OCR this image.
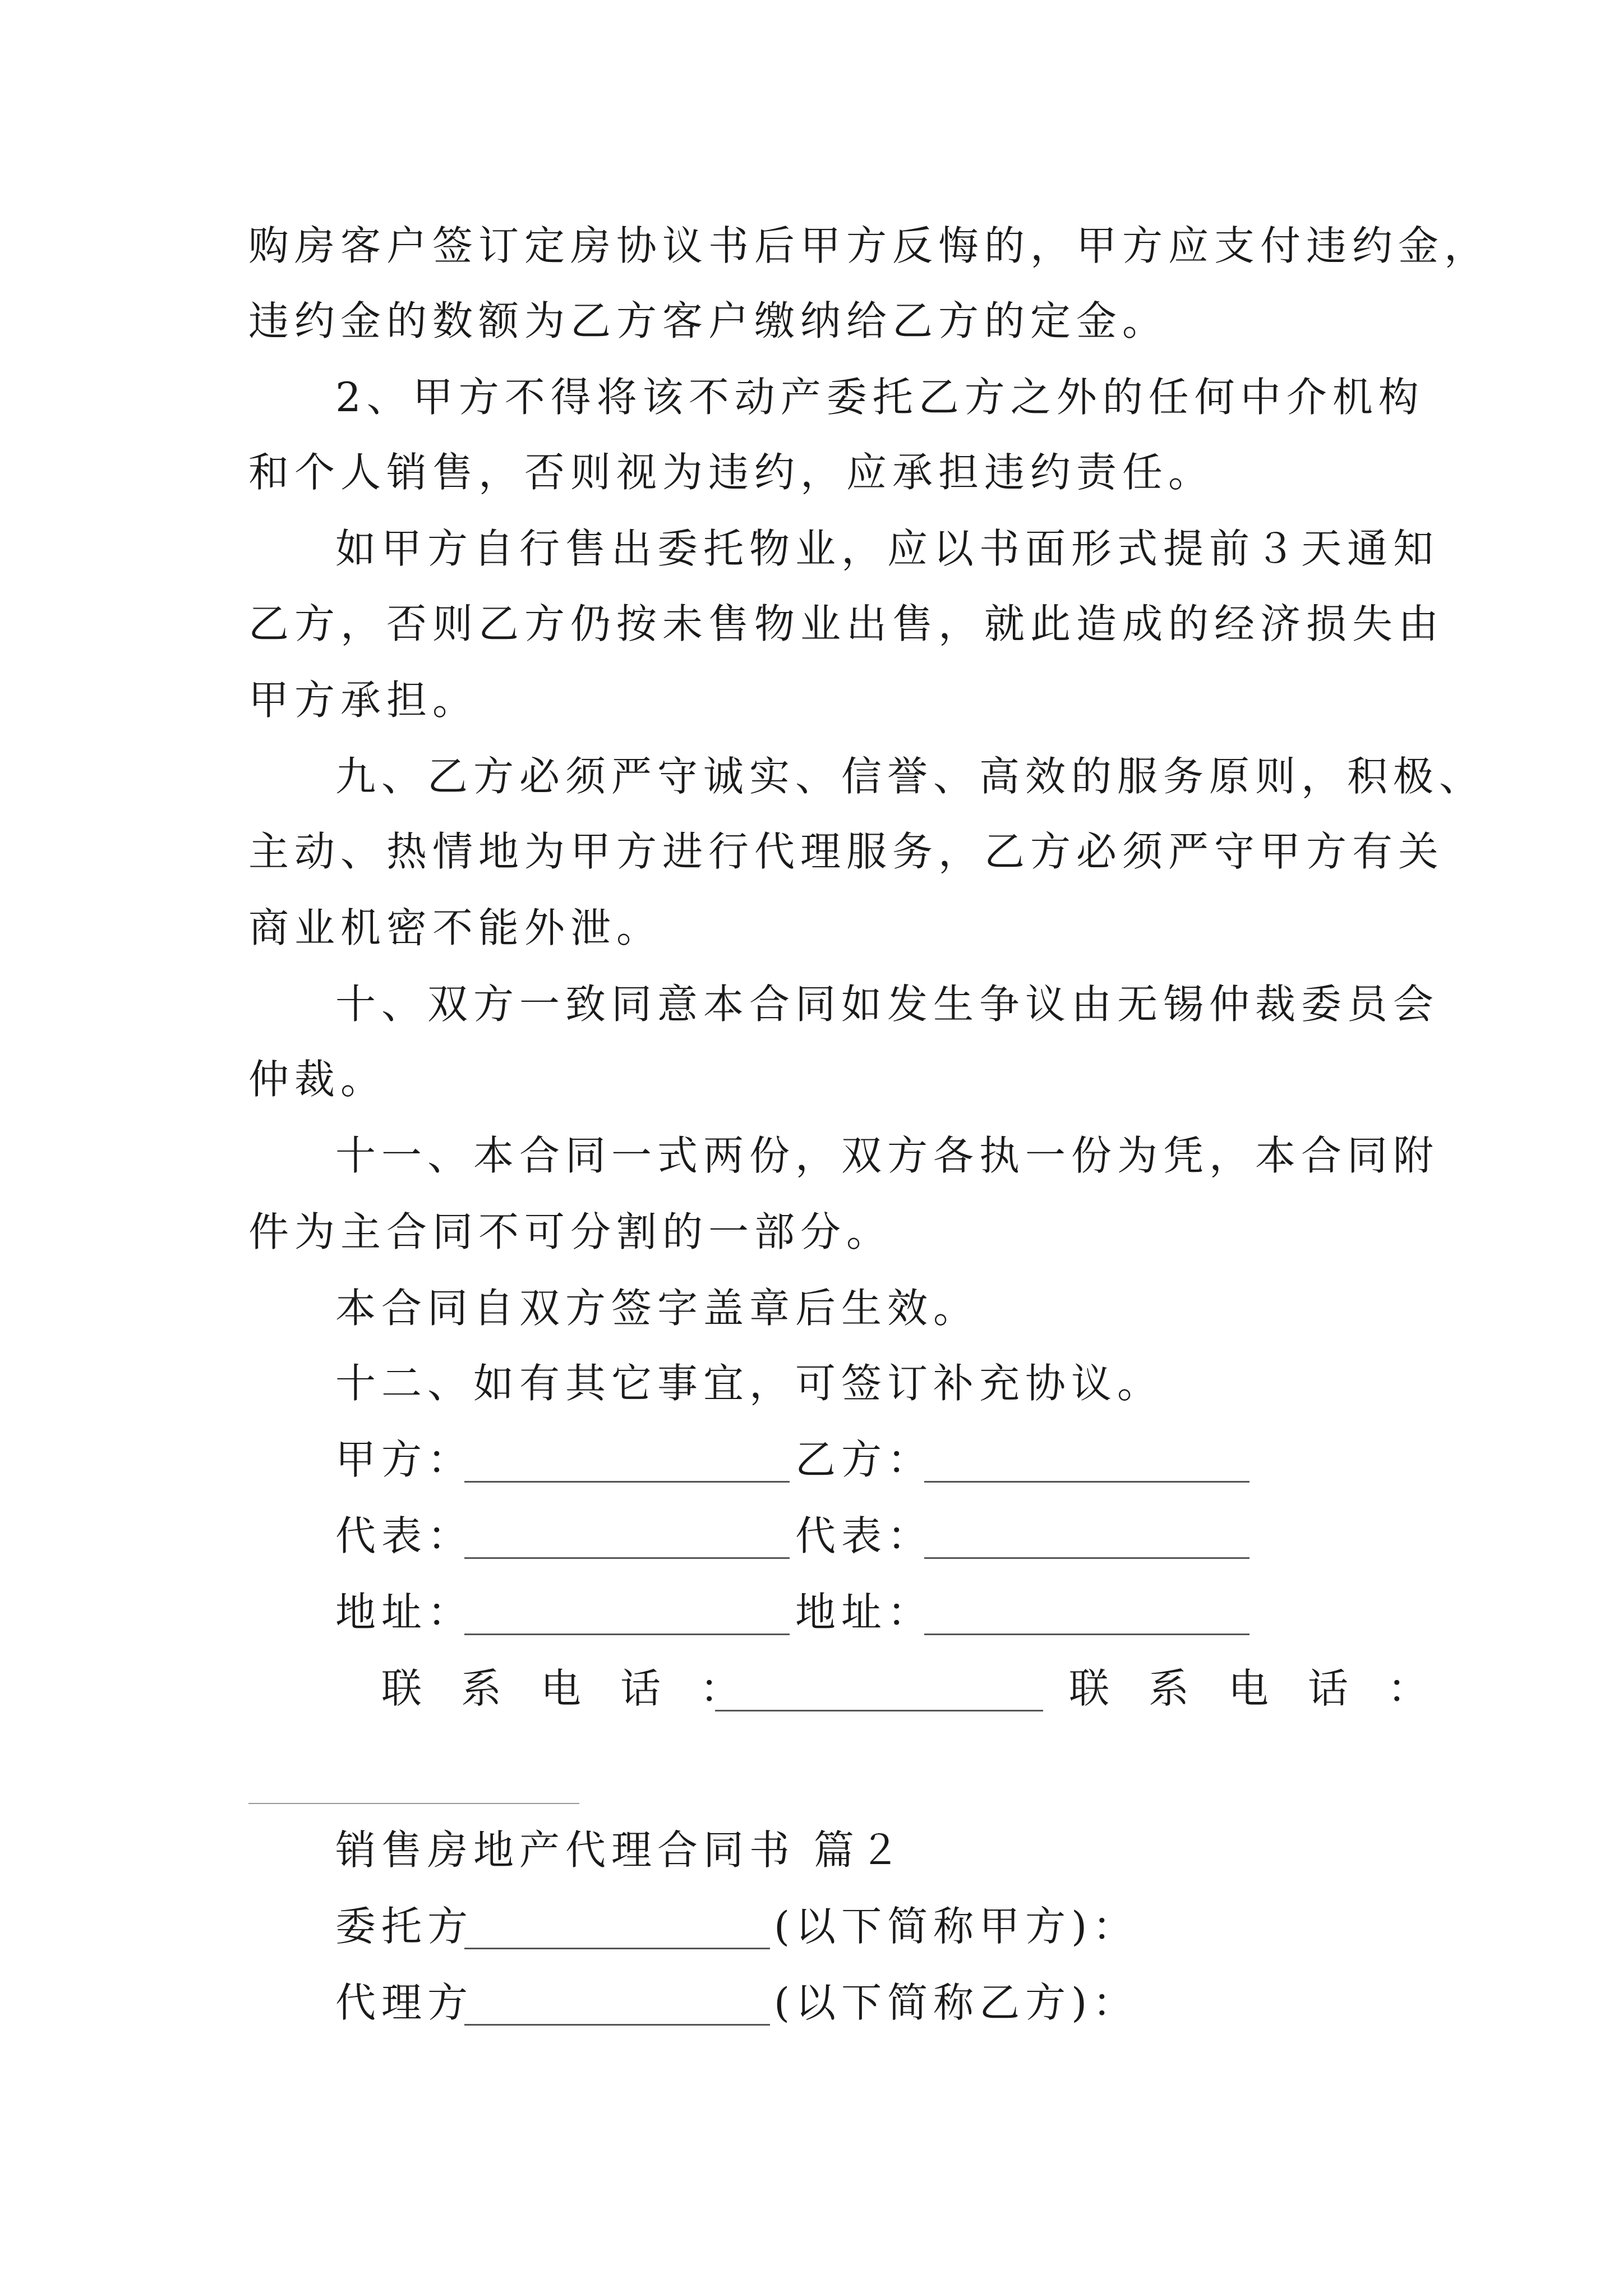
购房客户签订定房协议书后甲方反悔的，甲方应支付违约金，
违约金的数额为乙方客户缴纳给乙方的定金。
2、甲方不得将该不动产委托乙方之外的任何中介机构
和个人销售，否则视为违约，应承担违约责任。
如甲方自行售出委托物业，应以书面形式提前３天通知
乙方，否则乙方仍按未售物业出售，就此造成的经济损失由
甲方承担。
九、乙方必须严守诚实、信誉、高效的服务原则，积极、
主动、热情地为甲方进行代理服务，乙方必须严守甲方有关
商业机密不能外泄。
十、双方一致同意本合同如发生争议由无锡仲裁委员会
仲裁。
十一、本合同一式两份，双方各执一份为凭，本合同附
件为主合同不可分割的一部分。
本合同自双方签字盖章后生效。
十二、如有其它事宜，可签订补充协议。
甲方：	乙方：
代表：	代表：
地址：	地址：
联系电话：	联系电话：
销售房地产代理合同书 篇２
委托方	(以下简称甲方)：
代理方	(以下简称乙方)：
